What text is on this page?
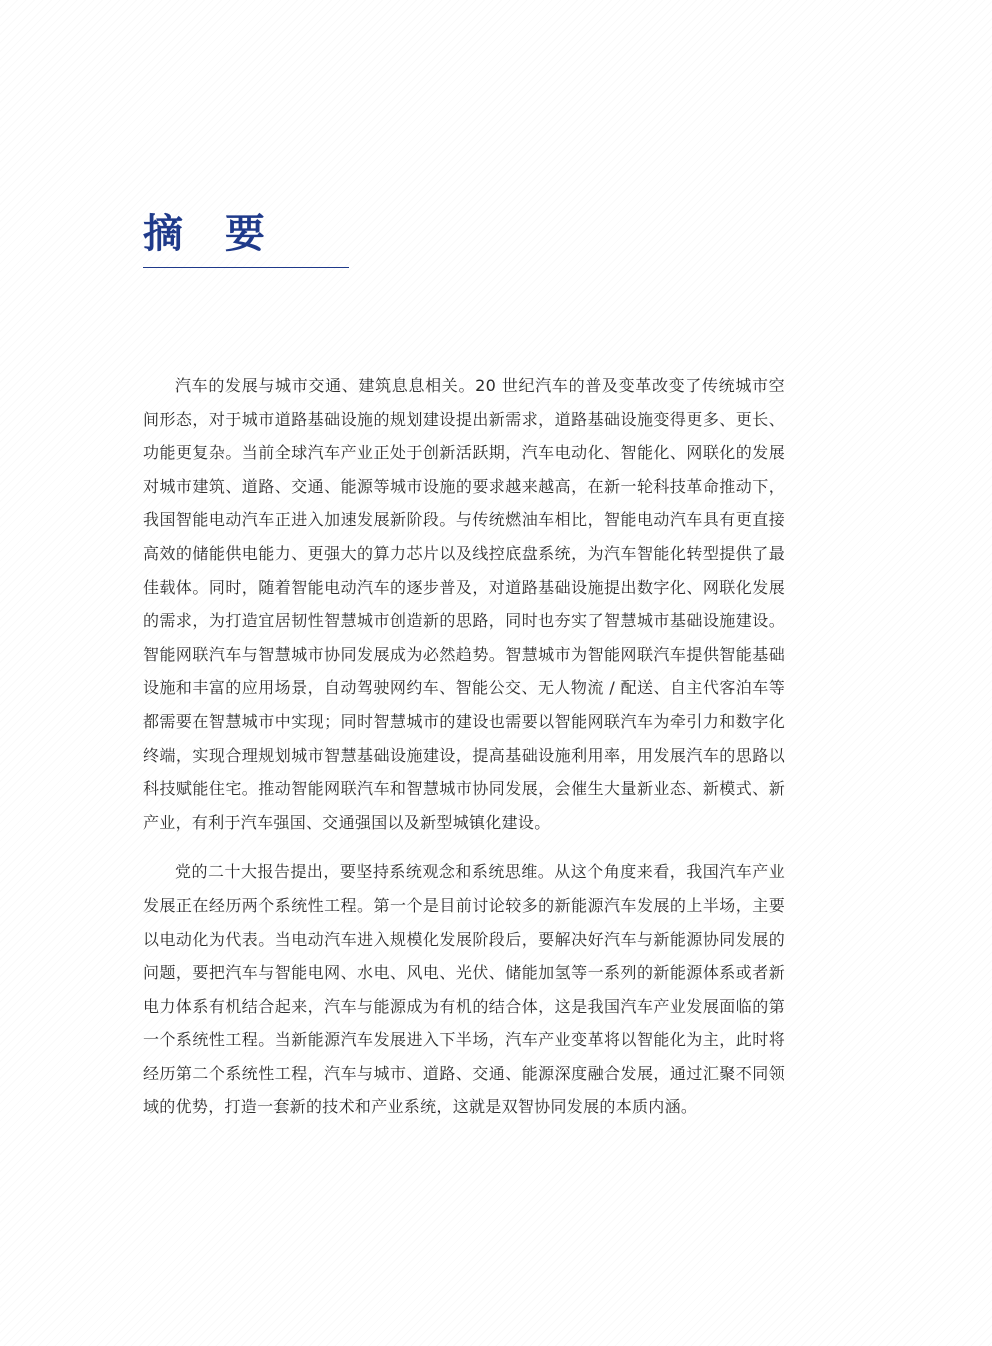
摘 要

汽车的发展与城市交通、建筑息息相关。20 世纪汽车的普及变革改变了传统城市空间形态，对于城市道路基础设施的规划建设提出新需求，道路基础设施变得更多、更长、功能更复杂。当前全球汽车产业正处于创新活跃期，汽车电动化、智能化、网联化的发展对城市建筑、道路、交通、能源等城市设施的要求越来越高，在新一轮科技革命推动下，我国智能电动汽车正进入加速发展新阶段。与传统燃油车相比，智能电动汽车具有更直接高效的储能供电能力、更强大的算力芯片以及线控底盘系统，为汽车智能化转型提供了最佳载体。同时，随着智能电动汽车的逐步普及，对道路基础设施提出数字化、网联化发展的需求，为打造宜居韧性智慧城市创造新的思路，同时也夯实了智慧城市基础设施建设。智能网联汽车与智慧城市协同发展成为必然趋势。智慧城市为智能网联汽车提供智能基础设施和丰富的应用场景，自动驾驶网约车、智能公交、无人物流 / 配送、自主代客泊车等都需要在智慧城市中实现；同时智慧城市的建设也需要以智能网联汽车为牵引力和数字化终端，实现合理规划城市智慧基础设施建设，提高基础设施利用率，用发展汽车的思路以科技赋能住宅。推动智能网联汽车和智慧城市协同发展，会催生大量新业态、新模式、新产业，有利于汽车强国、交通强国以及新型城镇化建设。

党的二十大报告提出，要坚持系统观念和系统思维。从这个角度来看，我国汽车产业发展正在经历两个系统性工程。第一个是目前讨论较多的新能源汽车发展的上半场，主要以电动化为代表。当电动汽车进入规模化发展阶段后，要解决好汽车与新能源协同发展的问题，要把汽车与智能电网、水电、风电、光伏、储能加氢等一系列的新能源体系或者新电力体系有机结合起来，汽车与能源成为有机的结合体，这是我国汽车产业发展面临的第一个系统性工程。当新能源汽车发展进入下半场，汽车产业变革将以智能化为主，此时将经历第二个系统性工程，汽车与城市、道路、交通、能源深度融合发展，通过汇聚不同领域的优势，打造一套新的技术和产业系统，这就是双智协同发展的本质内涵。
